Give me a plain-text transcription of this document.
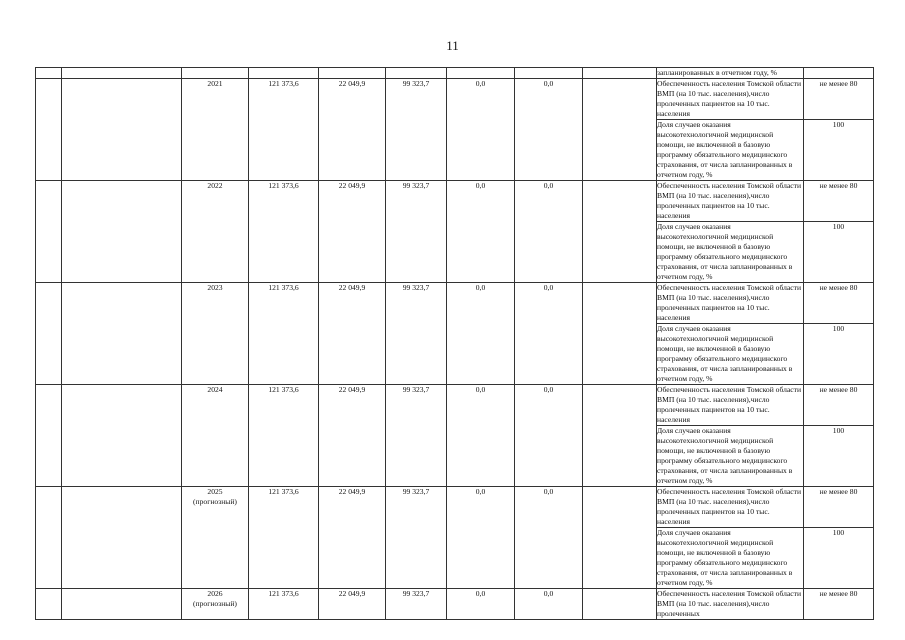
11
									запланированных в отчетном году, %	

		2021	121 373,6	22 049,9	99 323,7	0,0	0,0		Обеспеченность населения Томской области ВМП (на 10 тыс. населения),число пролеченных пациентов на 10 тыс. населения	не менее 80
									Доля случаев оказания высокотехнологичной медицинской помощи, не включенной в базовую программу обязательного медицинского страхования, от числа запланированных в отчетном году, %	100

		2022	121 373,6	22 049,9	99 323,7	0,0	0,0		Обеспеченность населения Томской области ВМП (на 10 тыс. населения),число пролеченных пациентов на 10 тыс. населения	не менее 80
									Доля случаев оказания высокотехнологичной медицинской помощи, не включенной в базовую программу обязательного медицинского страхования, от числа запланированных в отчетном году, %	100

		2023	121 373,6	22 049,9	99 323,7	0,0	0,0		Обеспеченность населения Томской области ВМП (на 10 тыс. населения),число пролеченных пациентов на 10 тыс. населения	не менее 80
									Доля случаев оказания высокотехнологичной медицинской помощи, не включенной в базовую программу обязательного медицинского страхования, от числа запланированных в отчетном году, %	100

		2024	121 373,6	22 049,9	99 323,7	0,0	0,0		Обеспеченность населения Томской области ВМП (на 10 тыс. населения),число пролеченных пациентов на 10 тыс. населения	не менее 80
									Доля случаев оказания высокотехнологичной медицинской помощи, не включенной в базовую программу обязательного медицинского страхования, от числа запланированных в отчетном году, %	100

		2025
(прогнозный)	121 373,6	22 049,9	99 323,7	0,0	0,0		Обеспеченность населения Томской области ВМП (на 10 тыс. населения),число пролеченных пациентов на 10 тыс. населения	не менее 80
									Доля случаев оказания высокотехнологичной медицинской помощи, не включенной в базовую программу обязательного медицинского страхования, от числа запланированных в отчетном году, %	100

		2026
(прогнозный)	121 373,6	22 049,9	99 323,7	0,0	0,0		Обеспеченность населения Томской области ВМП (на 10 тыс. населения),число пролеченных	не менее 80
